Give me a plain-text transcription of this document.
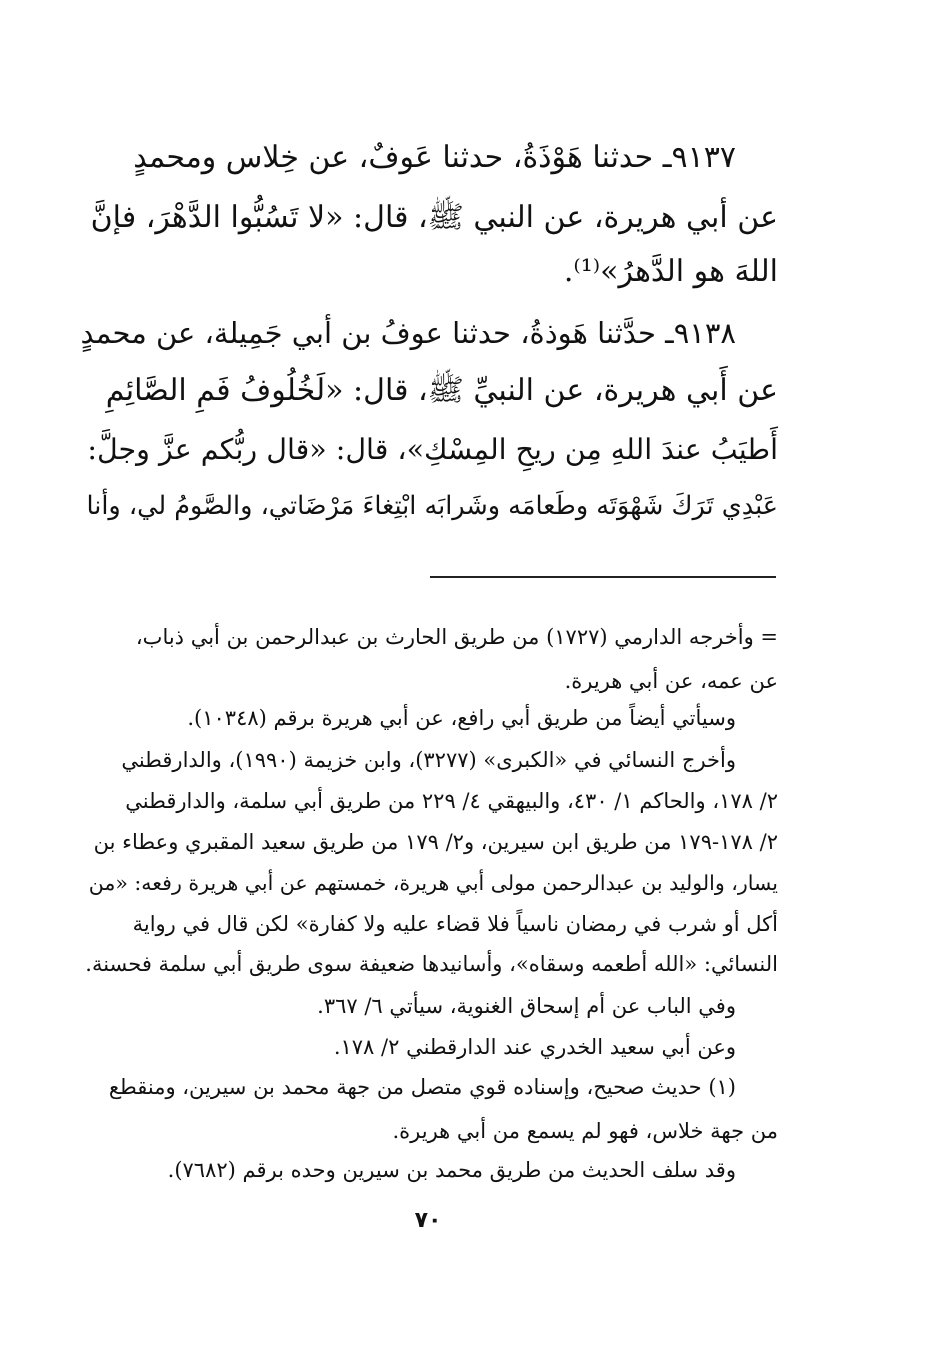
٩١٣٧ـ حدثنا هَوْذَةُ، حدثنا عَوفٌ، عن خِلاس ومحمدٍ
عن أبي هريرة، عن النبي ﷺ، قال: «لا تَسُبُّوا الدَّهْرَ، فإنَّ
اللهَ هو الدَّهرُ»⁽¹⁾.
٩١٣٨ـ حدَّثنا هَوذةُ، حدثنا عوفُ بن أبي جَمِيلة، عن محمدٍ
عن أَبي هريرة، عن النبيِّ ﷺ، قال: «لَخُلُوفُ فَمِ الصَّائِمِ
أَطيَبُ عندَ اللهِ مِن ريحِ المِسْكِ»، قال: «قال ربُّكم عزَّ وجلَّ:
عَبْدِي تَرَكَ شَهْوَتَه وطَعامَه وشَرابَه ابْتِغاءَ مَرْضَاتي، والصَّومُ لي، وأنا
= وأخرجه الدارمي (١٧٢٧) من طريق الحارث بن عبدالرحمن بن أبي ذباب،
عن عمه، عن أبي هريرة.
وسيأتي أيضاً من طريق أبي رافع، عن أبي هريرة برقم (١٠٣٤٨).
وأخرج النسائي في «الكبرى» (٣٢٧٧)، وابن خزيمة (١٩٩٠)، والدارقطني
٢/ ١٧٨، والحاكم ١/ ٤٣٠، والبيهقي ٤/ ٢٢٩ من طريق أبي سلمة، والدارقطني
٢/ ١٧٨-١٧٩ من طريق ابن سيرين، و٢/ ١٧٩ من طريق سعيد المقبري وعطاء بن
يسار، والوليد بن عبدالرحمن مولى أبي هريرة، خمستهم عن أبي هريرة رفعه: «من
أكل أو شرب في رمضان ناسياً فلا قضاء عليه ولا كفارة» لكن قال في رواية
النسائي: «الله أطعمه وسقاه»، وأسانيدها ضعيفة سوى طريق أبي سلمة فحسنة.
وفي الباب عن أم إسحاق الغنوية، سيأتي ٦/ ٣٦٧.
وعن أبي سعيد الخدري عند الدارقطني ٢/ ١٧٨.
(١) حديث صحيح، وإسناده قوي متصل من جهة محمد بن سيرين، ومنقطع
من جهة خلاس، فهو لم يسمع من أبي هريرة.
وقد سلف الحديث من طريق محمد بن سيرين وحده برقم (٧٦٨٢).
٧٠
